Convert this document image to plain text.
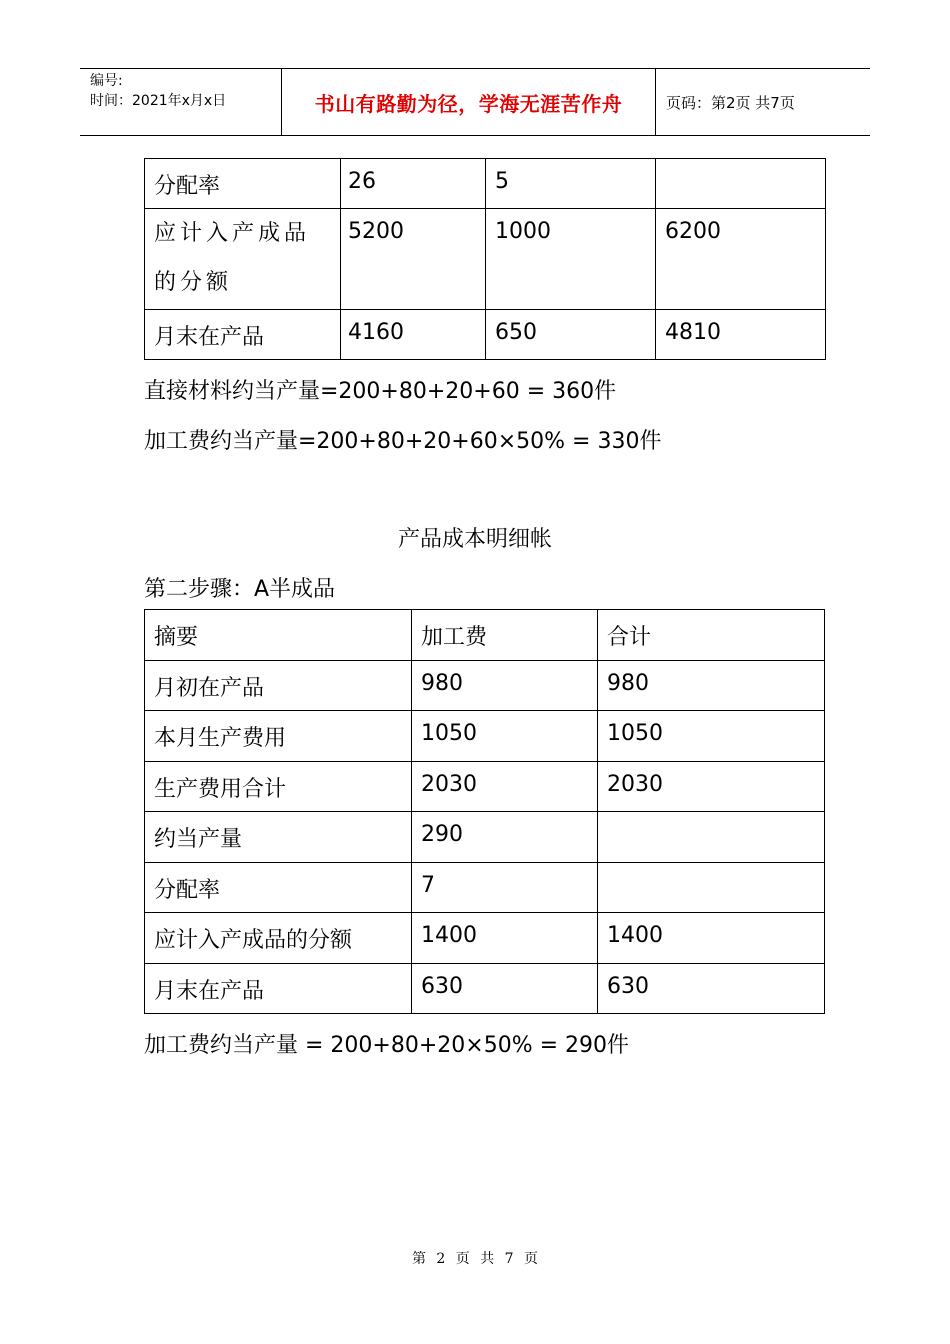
编号:
时间：2021年x月x日	书山有路勤为径，学海无涯苦作舟	页码：第2页 共7页
分配率	26	5	

应计入产成品的分额	5200	1000	6200
月末在产品	4160	650	4810
直接材料约当产量=200+80+20+60 = 360件
加工费约当产量=200+80+20+60×50% = 330件
产品成本明细帐
第二步骤：A半成品
摘要	加工费	合计
月初在产品	980	980
本月生产费用	1050	1050
生产费用合计	2030	2030
约当产量	290	
分配率	7	
应计入产成品的分额	1400	1400
月末在产品	630	630
加工费约当产量 = 200+80+20×50% = 290件
第 2 页 共 7 页
